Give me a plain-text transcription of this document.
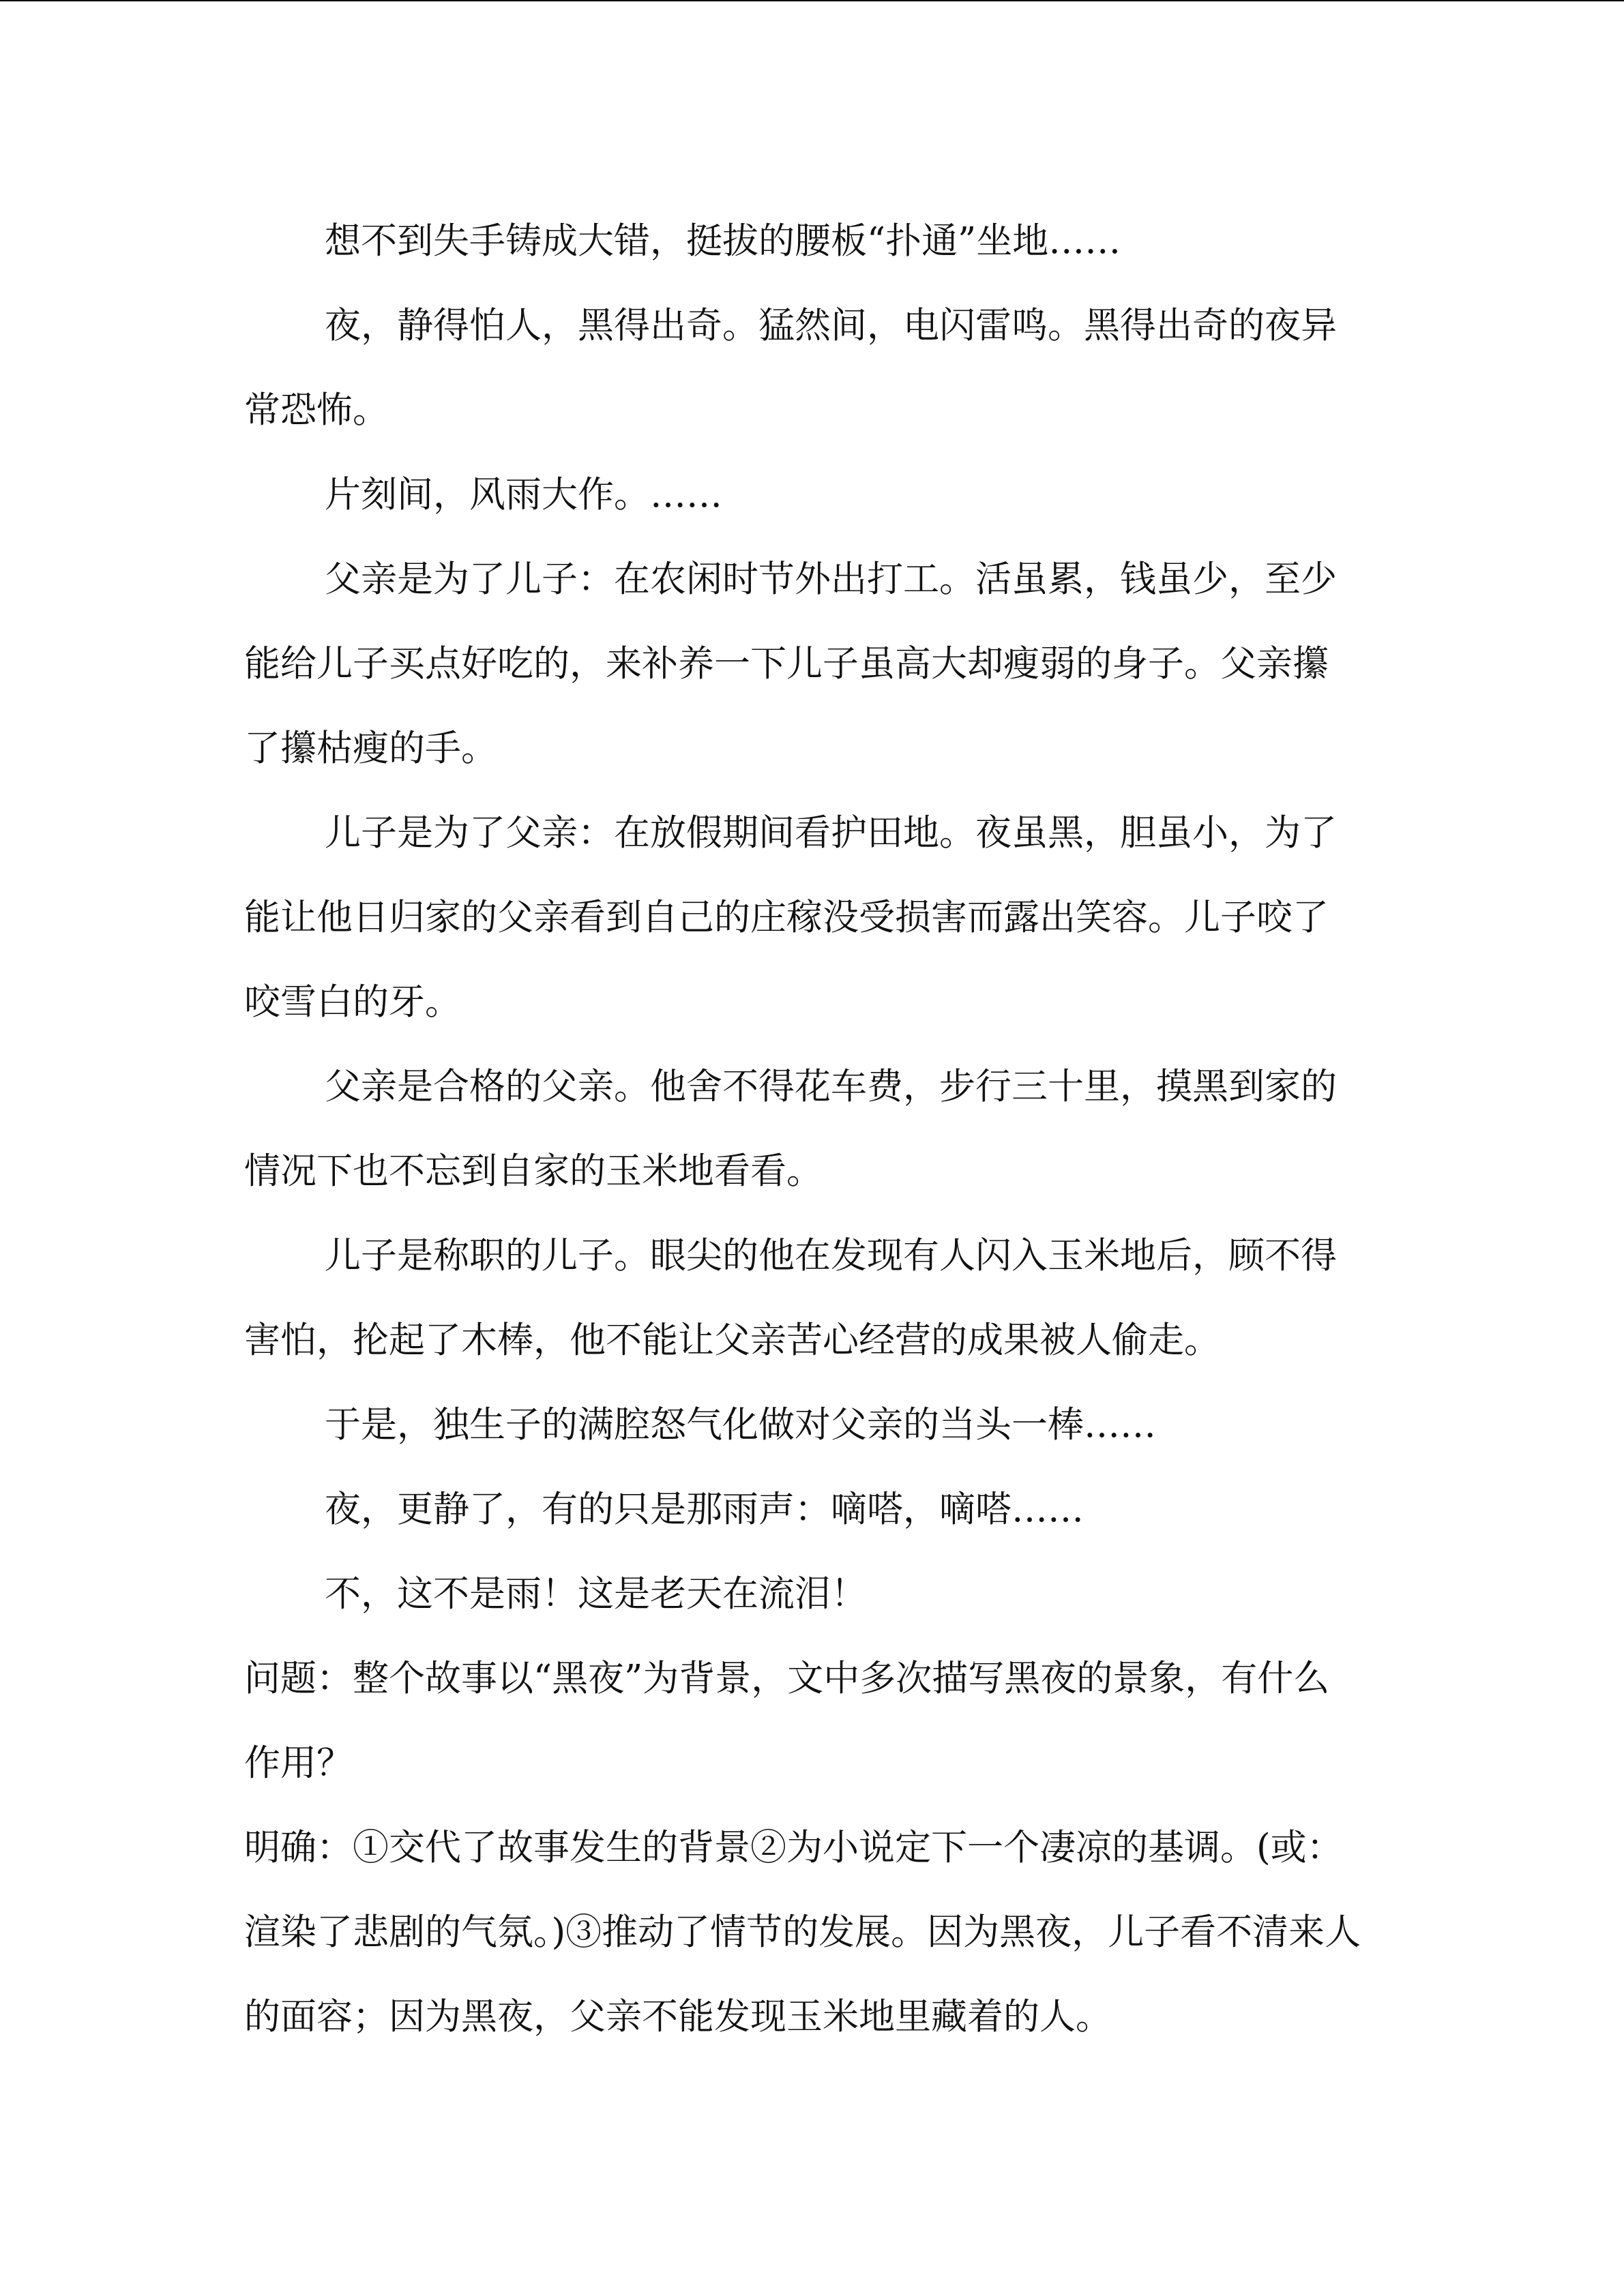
想不到失手铸成大错，挺拔的腰板“扑通”坐地……

夜，静得怕人，黑得出奇。猛然间，电闪雷鸣。黑得出奇的夜异常恐怖。

片刻间，风雨大作。……

父亲是为了儿子：在农闲时节外出打工。活虽累，钱虽少，至少能给儿子买点好吃的，来补养一下儿子虽高大却瘦弱的身子。父亲攥了攥枯瘦的手。

儿子是为了父亲：在放假期间看护田地。夜虽黑，胆虽小，为了能让他日归家的父亲看到自己的庄稼没受损害而露出笑容。儿子咬了咬雪白的牙。

父亲是合格的父亲。他舍不得花车费，步行三十里，摸黑到家的情况下也不忘到自家的玉米地看看。

儿子是称职的儿子。眼尖的他在发现有人闪入玉米地后，顾不得害怕，抡起了木棒，他不能让父亲苦心经营的成果被人偷走。

于是，独生子的满腔怒气化做对父亲的当头一棒……

夜，更静了，有的只是那雨声：嘀嗒，嘀嗒……

不，这不是雨！这是老天在流泪！

问题：整个故事以“黑夜”为背景，文中多次描写黑夜的景象，有什么作用？

明确：①交代了故事发生的背景②为小说定下一个凄凉的基调。(或：渲染了悲剧的气氛。)③推动了情节的发展。因为黑夜，儿子看不清来人的面容；因为黑夜，父亲不能发现玉米地里藏着的人。
